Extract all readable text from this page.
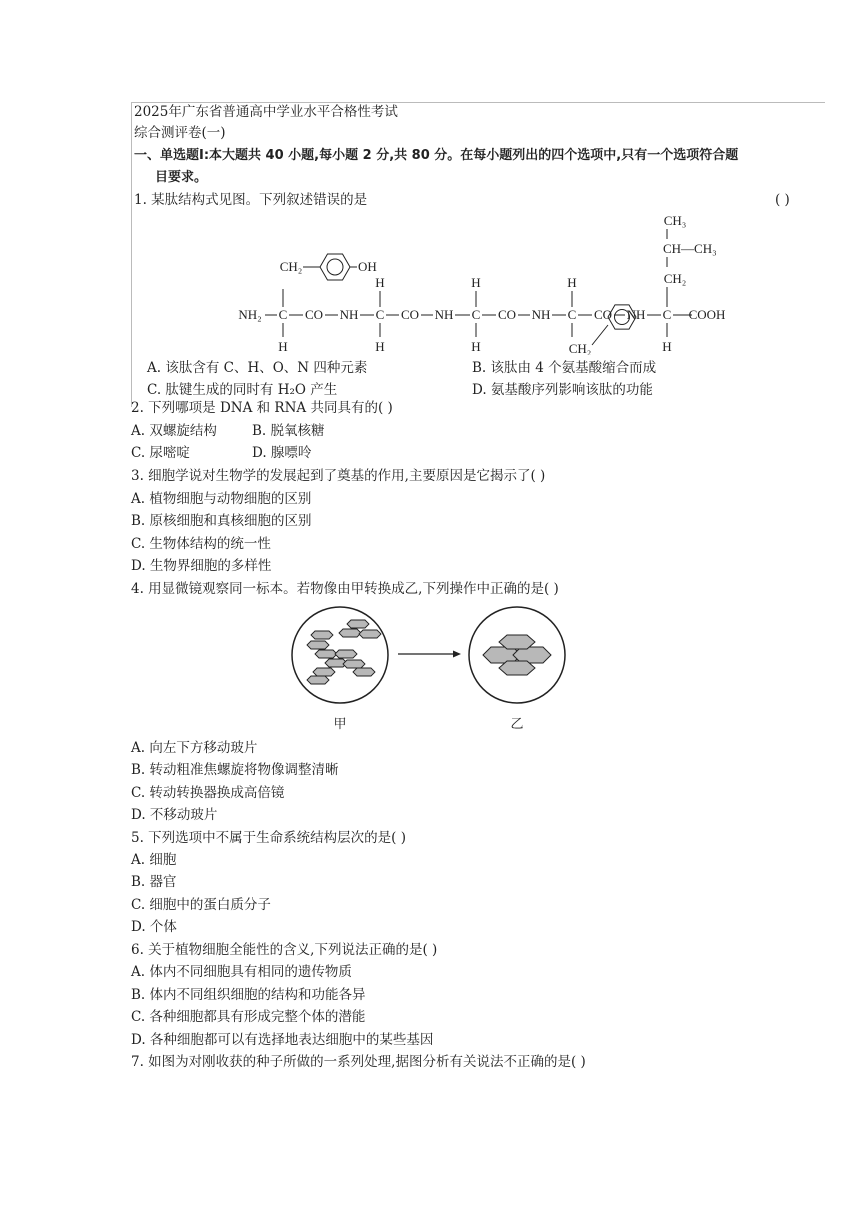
2025年广东省普通高中学业水平合格性考试
综合测评卷(一)
一、单选题Ⅰ:本大题共 40 小题,每小题 2 分,共 80 分。在每小题列出的四个选项中,只有一个选项符合题
目要求。
1. 某肽结构式见图。下列叙述错误的是	( )
NH₂ C CO NH C CO NH C CO NH C CO NH C COOH
CH₂	OH
H
H
H
H
H
H
CH₂
CH₃
CH—CH₃
CH₂
H
A. 该肽含有 C、H、O、N 四种元素	B. 该肽由 4 个氨基酸缩合而成
C. 肽键生成的同时有 H₂O 产生	D. 氨基酸序列影响该肽的功能
2. 下列哪项是 DNA 和 RNA 共同具有的( )
A. 双螺旋结构	B. 脱氧核糖
C. 尿嘧啶	D. 腺嘌呤
3. 细胞学说对生物学的发展起到了奠基的作用,主要原因是它揭示了( )
A. 植物细胞与动物细胞的区别
B. 原核细胞和真核细胞的区别
C. 生物体结构的统一性
D. 生物界细胞的多样性
4. 用显微镜观察同一标本。若物像由甲转换成乙,下列操作中正确的是( )
甲	乙
A. 向左下方移动玻片
B. 转动粗准焦螺旋将物像调整清晰
C. 转动转换器换成高倍镜
D. 不移动玻片
5. 下列选项中不属于生命系统结构层次的是( )
A. 细胞
B. 器官
C. 细胞中的蛋白质分子
D. 个体
6. 关于植物细胞全能性的含义,下列说法正确的是( )
A. 体内不同细胞具有相同的遗传物质
B. 体内不同组织细胞的结构和功能各异
C. 各种细胞都具有形成完整个体的潜能
D. 各种细胞都可以有选择地表达细胞中的某些基因
7. 如图为对刚收获的种子所做的一系列处理,据图分析有关说法不正确的是( )
